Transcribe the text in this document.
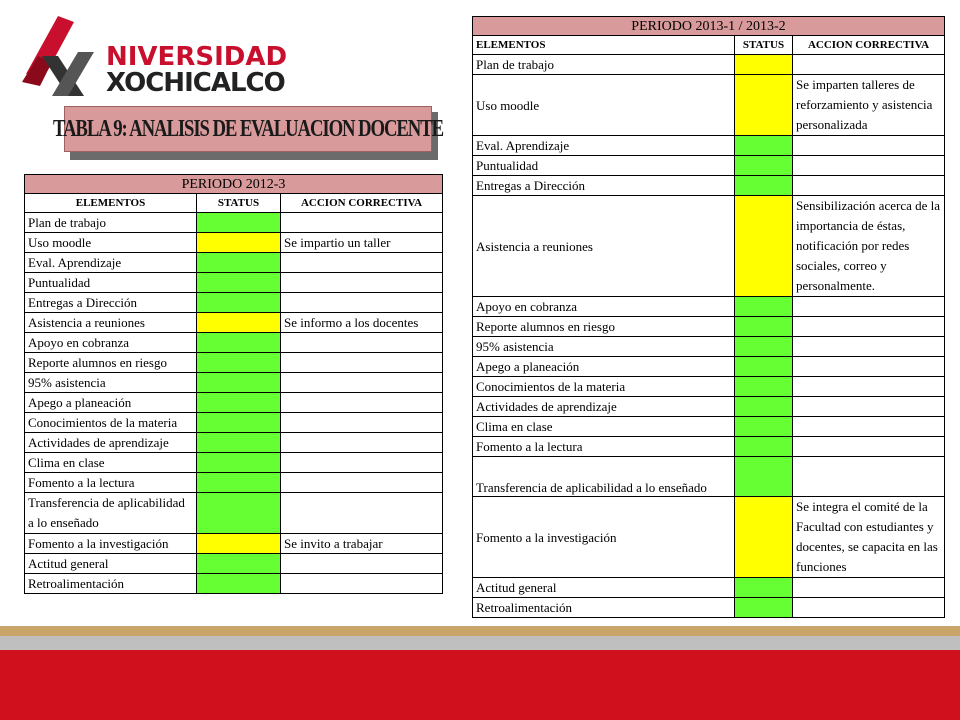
NIVERSIDAD
XOCHICALCO
TABLA 9: ANALISIS DE EVALUACION DOCENTE
PERIODO 2012-3		
ELEMENTOS	STATUS	ACCION CORRECTIVA
Plan de trabajo		
Uso moodle		Se impartio un taller
Eval. Aprendizaje		
Puntualidad		
Entregas a Dirección		
Asistencia a reuniones		Se informo a los docentes
Apoyo en cobranza		
Reporte alumnos en riesgo		
95% asistencia		
Apego a planeación		
Conocimientos de la materia		
Actividades de aprendizaje		
Clima en clase		
Fomento a la lectura		
Transferencia de aplicabilidad a lo enseñado		
Fomento a la investigación		Se invito a trabajar
Actitud general		
Retroalimentación		
PERIODO 2013-1 / 2013-2		
ELEMENTOS	STATUS	ACCION CORRECTIVA
Plan de trabajo		
Uso moodle		Se imparten talleres de reforzamiento y asistencia personalizada
Eval. Aprendizaje		
Puntualidad		
Entregas a Dirección		
Asistencia a reuniones		Sensibilización acerca de la importancia de éstas, notificación por redes sociales, correo y personalmente.
Apoyo en cobranza		
Reporte alumnos en riesgo		
95% asistencia		
Apego a planeación		
Conocimientos de la materia		
Actividades de aprendizaje		
Clima en clase		
Fomento a la lectura		
Transferencia de aplicabilidad a lo enseñado		
Fomento a la investigación		Se integra el comité de la Facultad con estudiantes y docentes, se capacita en las funciones
Actitud general		
Retroalimentación		
